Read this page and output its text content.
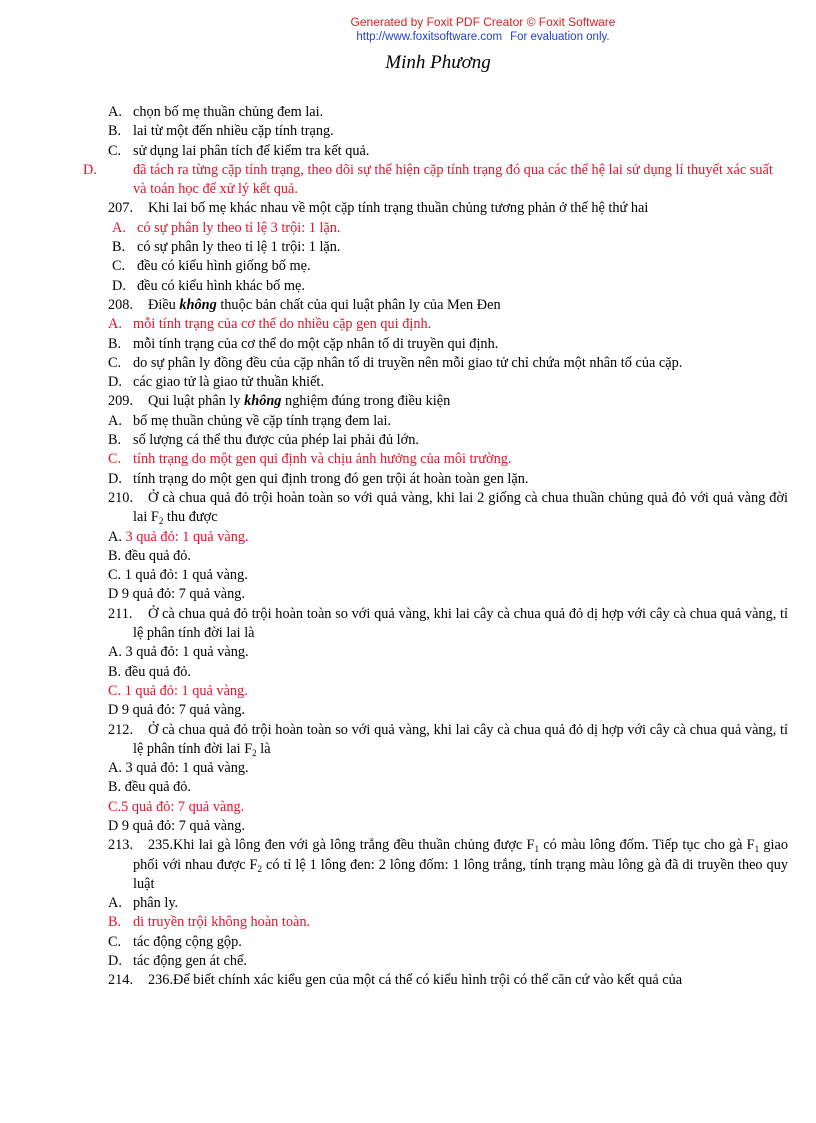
Generated by Foxit PDF Creator © Foxit Software
http://www.foxitsoftware.com For evaluation only.
Minh Phương
A. chọn bố mẹ thuần chủng đem lai.
B. lai từ một đến nhiều cặp tính trạng.
C. sử dụng lai phân tích để kiểm tra kết quả.
D.	đã tách ra từng cặp tính trạng, theo dõi sự thể hiện cặp tính trạng đó qua các thế hệ lai sử dụng lí thuyết xác suất và toán học để xử lý kết quả.
207. Khi lai bố mẹ khác nhau về một cặp tính trạng thuần chủng tương phản ở thế hệ thứ hai
A. có sự phân ly theo tỉ lệ 3 trội: 1 lặn.
B. có sự phân ly theo tỉ lệ 1 trội: 1 lặn.
C. đều có kiểu hình giống bố mẹ.
D. đều có kiểu hình khác bố mẹ.
208. Điều không thuộc bản chất của qui luật phân ly của Men Đen
A. mỗi tính trạng của cơ thể do nhiều cặp gen qui định.
B. mỗi tính trạng của cơ thể do một cặp nhân tố di truyền qui định.
C. do sự phân ly đồng đều của cặp nhân tố di truyền nên mỗi giao tử chỉ chứa một nhân tố của cặp.
D. các giao tử là giao tử thuần khiết.
209. Qui luật phân ly không nghiệm đúng trong điều kiện
A. bố mẹ thuần chủng về cặp tính trạng đem lai.
B. số lượng cá thể thu được của phép lai phải đủ lớn.
C. tính trạng do một gen qui định và chịu ảnh hưởng của môi trường.
D. tính trạng do một gen qui định trong đó gen trội át hoàn toàn gen lặn.
210. Ở cà chua quả đỏ trội hoàn toàn so với quả vàng, khi lai 2 giống cà chua thuần chủng quả đỏ với quả vàng đời lai $F_2$ thu được
A. 3 quả đỏ: 1 quả vàng.
B. đều quả đỏ.
C. 1 quả đỏ: 1 quả vàng.
D 9 quả đỏ: 7 quả vàng.
211. Ở cà chua quả đỏ trội hoàn toàn so với quả vàng, khi lai cây cà chua quả đỏ dị hợp với cây cà chua quả vàng, tỉ lệ phân tính đời lai là
A. 3 quả đỏ: 1 quả vàng.
B. đều quả đỏ.
C. 1 quả đỏ: 1 quả vàng.
D 9 quả đỏ: 7 quả vàng.
212. Ở cà chua quả đỏ trội hoàn toàn so với quả vàng, khi lai cây cà chua quả đỏ dị hợp với cây cà chua quả vàng, tỉ lệ phân tính đời lai $F_2$ là
A. 3 quả đỏ: 1 quả vàng.
B. đều quả đỏ.
C.5 quả đỏ: 7 quả vàng.
D 9 quả đỏ: 7 quả vàng.
213. 235.Khi lai gà lông đen với gà lông trắng đều thuần chủng được $F_1$ có màu lông đốm. Tiếp tục cho gà $F_1$ giao phối với nhau được $F_2$ có tỉ lệ 1 lông đen: 2 lông đốm: 1 lông trắng, tính trạng màu lông gà đã di truyền theo quy luật
A. phân ly.
B. di truyền trội không hoàn toàn.
C. tác động cộng gộp.
D. tác động gen át chế.
214. 236.Để biết chính xác kiểu gen của một cá thể có kiểu hình trội có thể căn cứ vào kết quả của
